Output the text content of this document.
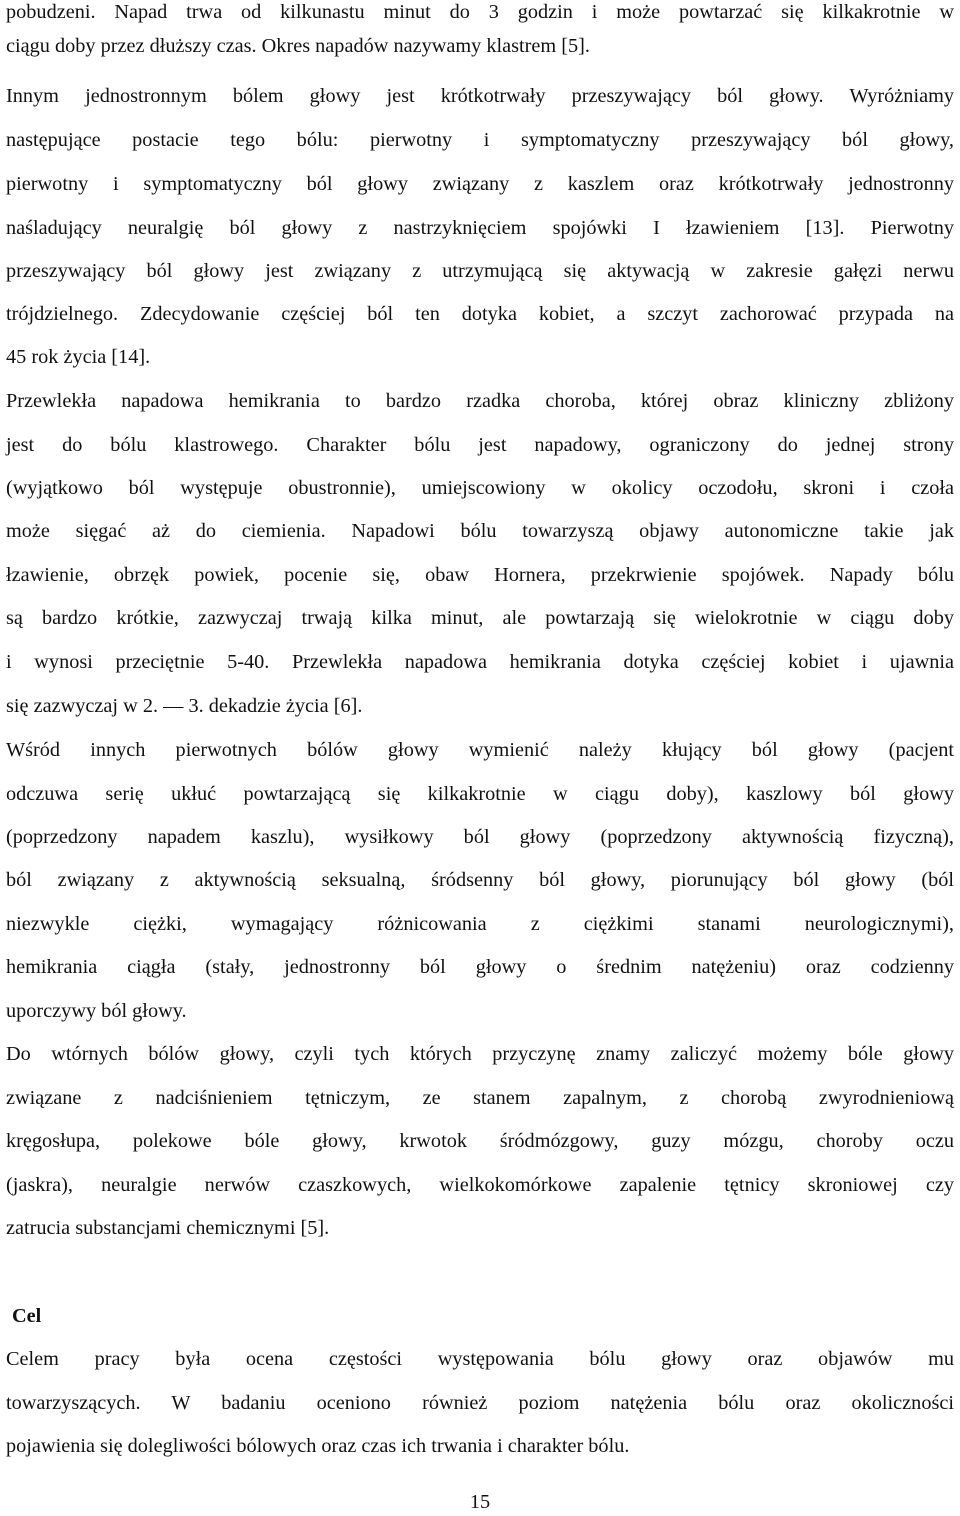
pobudzeni. Napad trwa od kilkunastu minut do 3 godzin i może powtarzać się kilkakrotnie w
ciągu doby przez dłuższy czas. Okres napadów nazywamy klastrem [5].
Innym jednostronnym bólem głowy jest krótkotrwały przeszywający ból głowy. Wyróżniamy
następujące postacie tego bólu: pierwotny i symptomatyczny przeszywający ból głowy,
pierwotny i symptomatyczny ból głowy związany z kaszlem oraz krótkotrwały jednostronny
naśladujący neuralgię ból głowy z nastrzyknięciem spojówki I łzawieniem [13]. Pierwotny
przeszywający ból głowy jest związany z utrzymującą się aktywacją w zakresie gałęzi nerwu
trójdzielnego. Zdecydowanie częściej ból ten dotyka kobiet, a szczyt zachorować przypada na
45 rok życia [14].
Przewlekła napadowa hemikrania to bardzo rzadka choroba, której obraz kliniczny zbliżony
jest do bólu klastrowego. Charakter bólu jest napadowy, ograniczony do jednej strony
(wyjątkowo ból występuje obustronnie), umiejscowiony w okolicy oczodołu, skroni i czoła
może sięgać aż do ciemienia. Napadowi bólu towarzyszą objawy autonomiczne takie jak
łzawienie, obrzęk powiek, pocenie się, obaw Hornera, przekrwienie spojówek. Napady bólu
są bardzo krótkie, zazwyczaj trwają kilka minut, ale powtarzają się wielokrotnie w ciągu doby
i wynosi przeciętnie 5-40. Przewlekła napadowa hemikrania dotyka częściej kobiet i ujawnia
się zazwyczaj w 2. — 3. dekadzie życia [6].
Wśród innych pierwotnych bólów głowy wymienić należy kłujący ból głowy (pacjent
odczuwa serię ukłuć powtarzającą się kilkakrotnie w ciągu doby), kaszlowy ból głowy
(poprzedzony napadem kaszlu), wysiłkowy ból głowy (poprzedzony aktywnością fizyczną),
ból związany z aktywnością seksualną, śródsenny ból głowy, piorunujący ból głowy (ból
niezwykle ciężki, wymagający różnicowania z ciężkimi stanami neurologicznymi),
hemikrania ciągła (stały, jednostronny ból głowy o średnim natężeniu) oraz codzienny
uporczywy ból głowy.
Do wtórnych bólów głowy, czyli tych których przyczynę znamy zaliczyć możemy bóle głowy
związane z nadciśnieniem tętniczym, ze stanem zapalnym, z chorobą zwyrodnieniową
kręgosłupa, polekowe bóle głowy, krwotok śródmózgowy, guzy mózgu, choroby oczu
(jaskra), neuralgie nerwów czaszkowych, wielkokomórkowe zapalenie tętnicy skroniowej czy
zatrucia substancjami chemicznymi [5].
Cel
Celem pracy była ocena częstości występowania bólu głowy oraz objawów mu
towarzyszących. W badaniu oceniono również poziom natężenia bólu oraz okoliczności
pojawienia się dolegliwości bólowych oraz czas ich trwania i charakter bólu.
15
